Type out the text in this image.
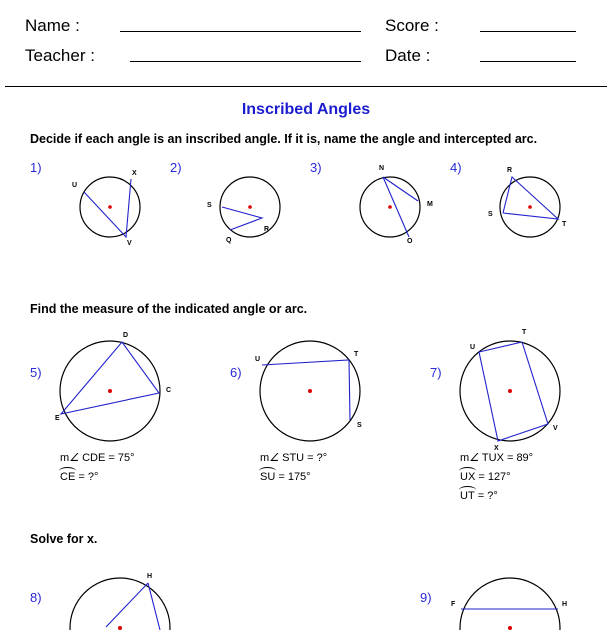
Name :	Score :
Teacher :	Date :
Inscribed Angles
Decide if each angle is an inscribed angle. If it is, name the angle and intercepted arc.
Find the measure of the indicated angle or arc.
Solve for x.
1)	2)	3)	4)
5)	6)	7)
8)	9)
U
X
V
S
Q
R
N
M
O
R
S
T
D
C
E
U
T
S
U
T
V
X
H
F	H
m∠ CDE = 75°
CE = ?°
m∠ STU = ?°
SU = 175°
m∠ TUX = 89°
UX = 127°
UT = ?°
